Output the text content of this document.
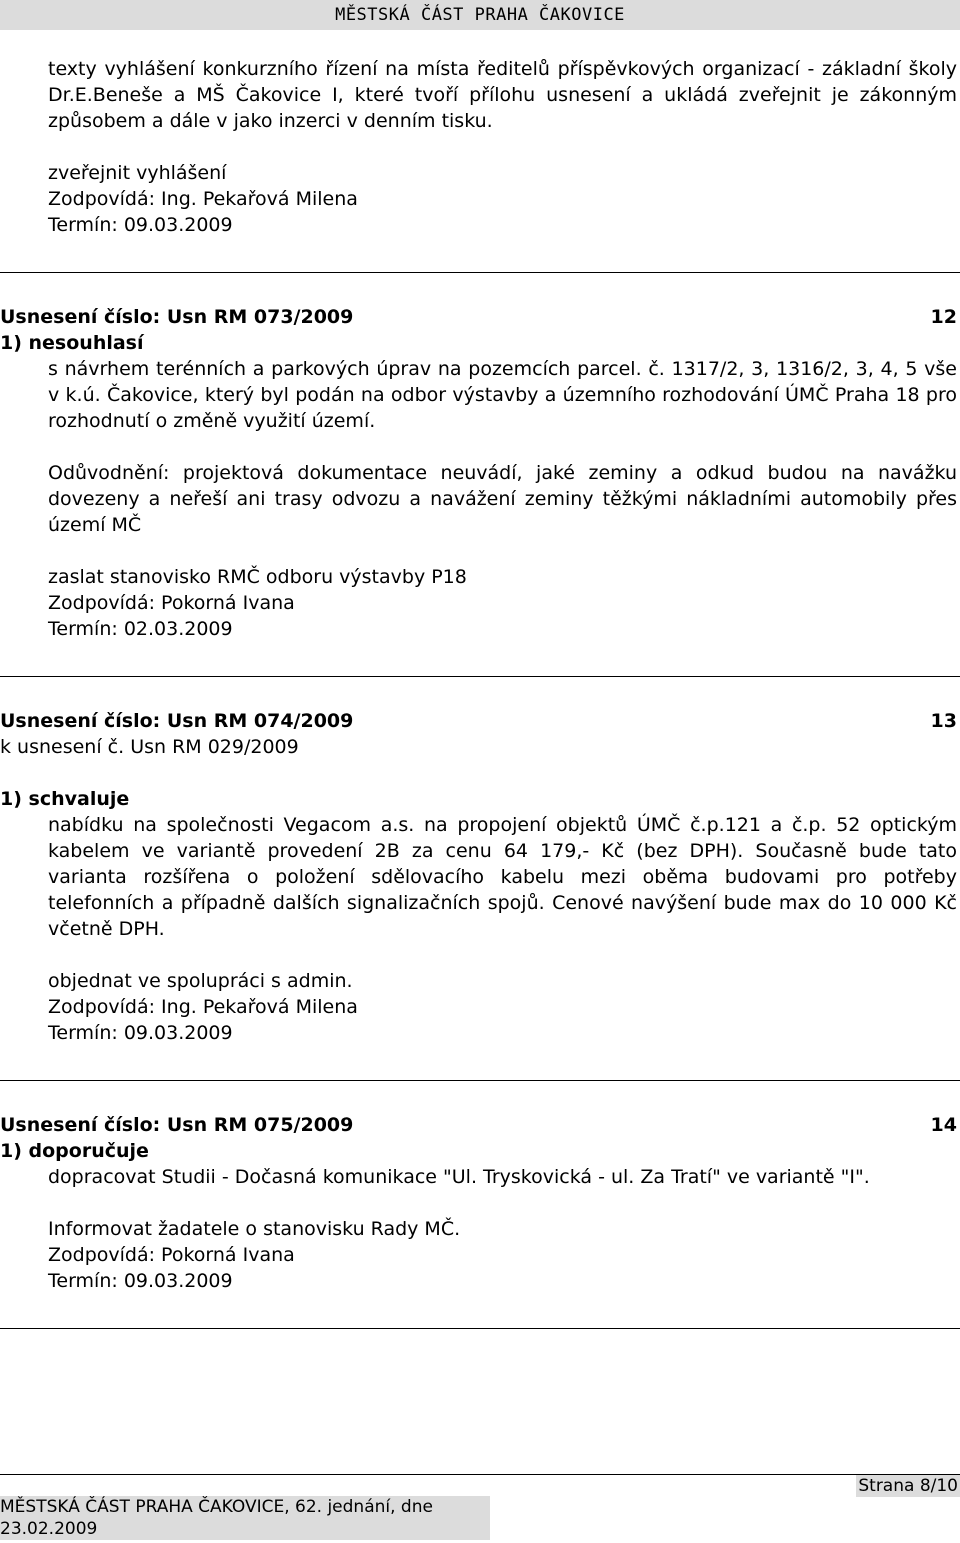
MĚSTSKÁ ČÁST PRAHA ČAKOVICE
texty vyhlášení konkurzního řízení na místa ředitelů příspěvkových organizací - základní školy Dr.E.Beneše a MŠ Čakovice I, které tvoří přílohu usnesení a ukládá zveřejnit je zákonným způsobem a dále v jako inzerci v denním tisku.
zveřejnit vyhlášení
Zodpovídá: Ing. Pekařová Milena
Termín: 09.03.2009
Usnesení číslo: Usn RM 073/2009	12
1) nesouhlasí
s návrhem terénních a parkových úprav na pozemcích parcel. č. 1317/2, 3, 1316/2, 3, 4, 5 vše v k.ú. Čakovice, který byl podán na odbor výstavby a územního rozhodování ÚMČ Praha 18 pro rozhodnutí o změně využití území.
Odůvodnění: projektová dokumentace neuvádí, jaké zeminy a odkud budou na navážku dovezeny a neřeší ani trasy odvozu a navážení zeminy těžkými nákladními automobily přes území MČ
zaslat stanovisko RMČ odboru výstavby P18
Zodpovídá: Pokorná Ivana
Termín: 02.03.2009
Usnesení číslo: Usn RM 074/2009	13
k usnesení č. Usn RM 029/2009
1) schvaluje
nabídku na společnosti Vegacom a.s. na propojení objektů ÚMČ č.p.121 a č.p. 52 optickým kabelem ve variantě provedení 2B za cenu 64 179,- Kč (bez DPH). Současně bude tato varianta rozšířena o položení sdělovacího kabelu mezi oběma budovami pro potřeby telefonních a případně dalších signalizačních spojů. Cenové navýšení bude max do 10 000 Kč včetně DPH.
objednat ve spolupráci s admin.
Zodpovídá: Ing. Pekařová Milena
Termín: 09.03.2009
Usnesení číslo: Usn RM 075/2009	14
1) doporučuje
dopracovat Studii - Dočasná komunikace "Ul. Tryskovická - ul. Za Tratí" ve variantě "I".
Informovat žadatele o stanovisku Rady MČ.
Zodpovídá: Pokorná Ivana
Termín: 09.03.2009
Strana 8/10
MĚSTSKÁ ČÁST PRAHA ČAKOVICE, 62. jednání, dne 23.02.2009
